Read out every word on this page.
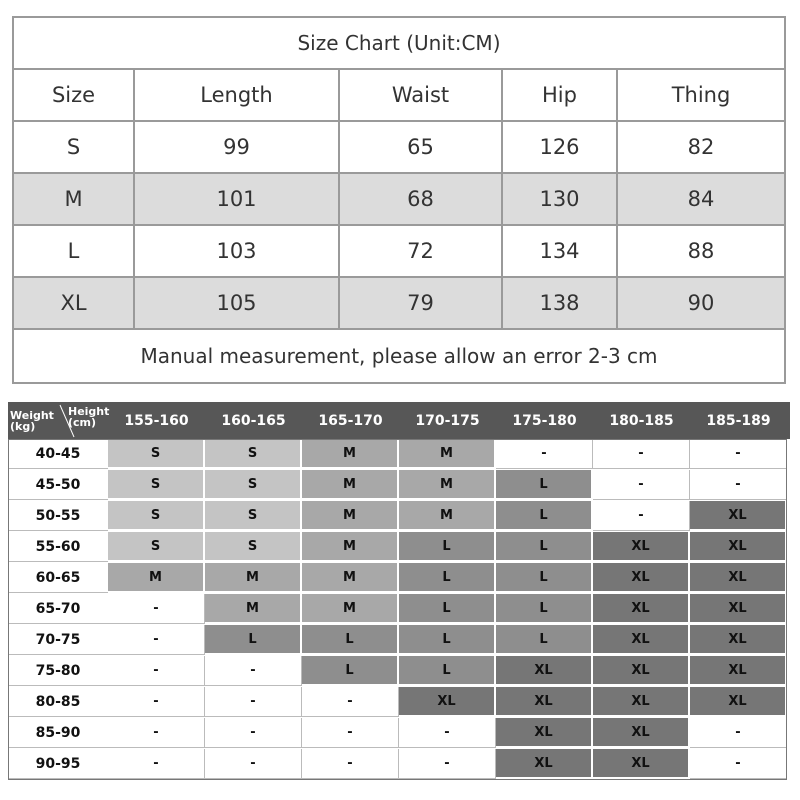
Size Chart (Unit:CM)
Size	Length	Waist	Hip	Thing
S	99	65	126	82
M	101	68	130	84
L	103	72	134	88
XL	105	79	138	90
Manual measurement, please allow an error 2-3 cm
Weight
(kg)
Height
(cm)	155-160	160-165	165-170	170-175	175-180	180-185	185-189
40-45	S	S	M	M	-	-	-
45-50	S	S	M	M	L	-	-
50-55	S	S	M	M	L	-	XL
55-60	S	S	M	L	L	XL	XL
60-65	M	M	M	L	L	XL	XL
65-70	-	M	M	L	L	XL	XL
70-75	-	L	L	L	L	XL	XL
75-80	-	-	L	L	XL	XL	XL
80-85	-	-	-	XL	XL	XL	XL
85-90	-	-	-	-	XL	XL	-
90-95	-	-	-	-	XL	XL	-
